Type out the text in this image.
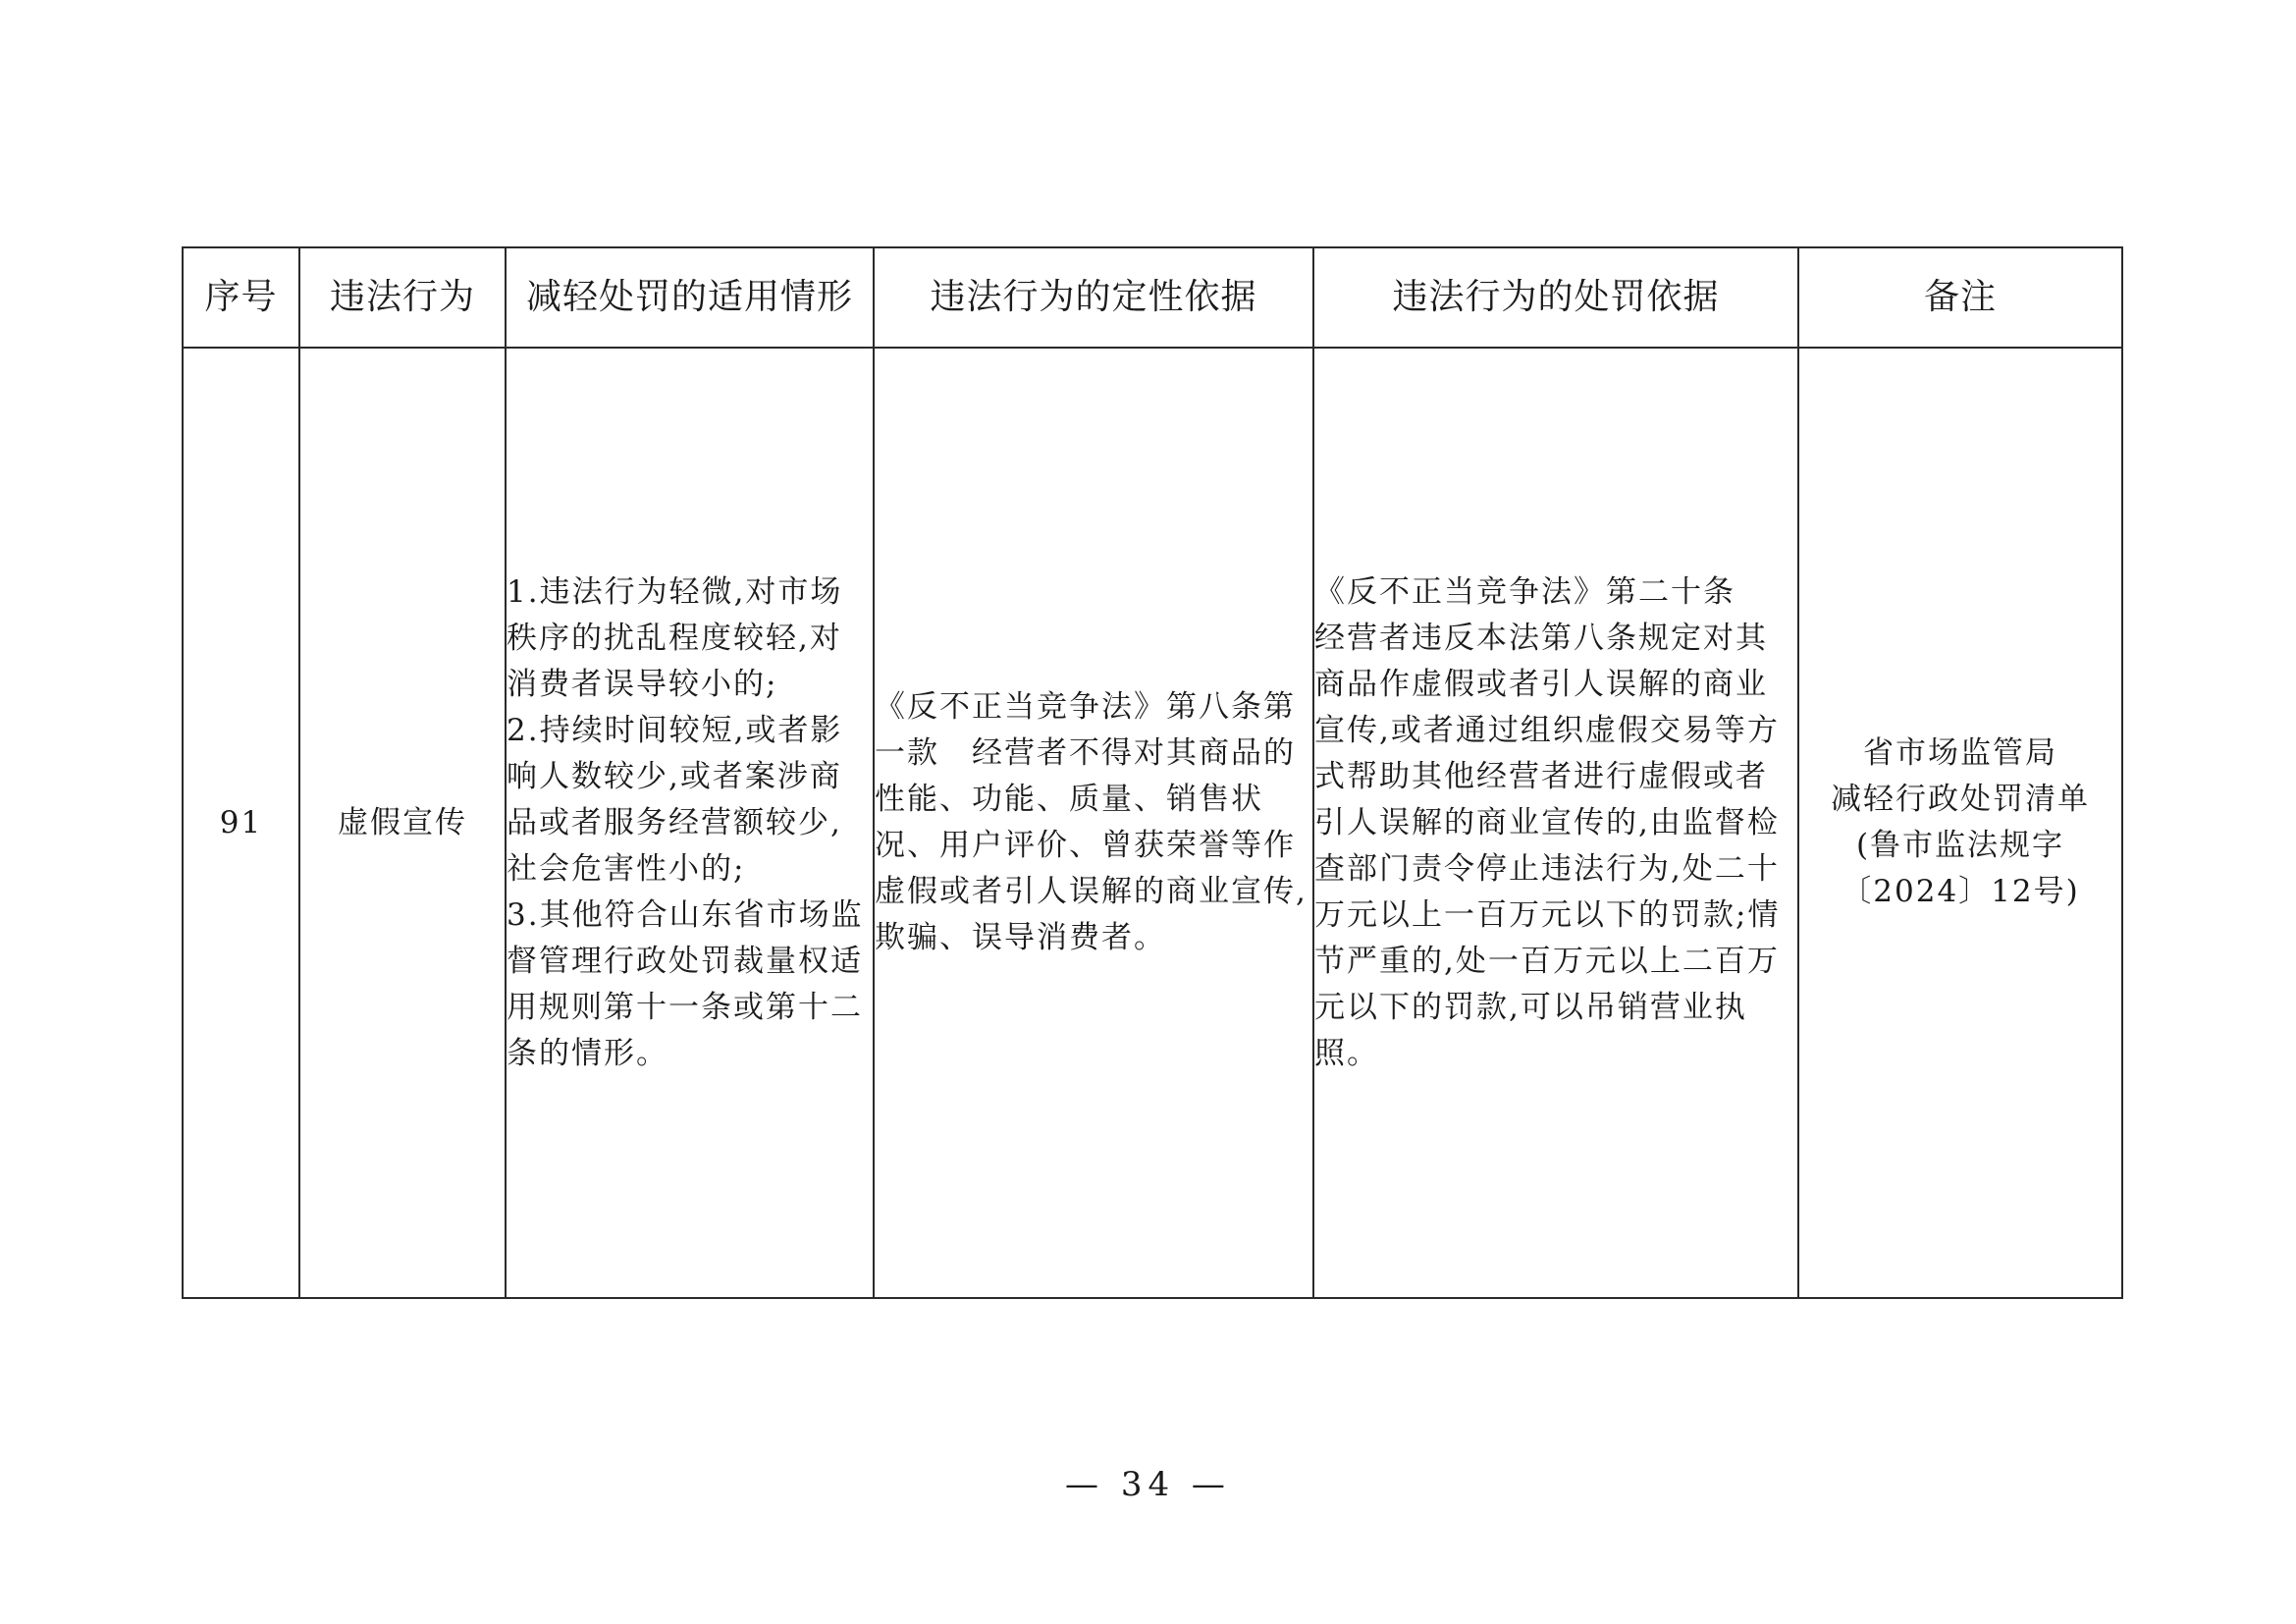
序号	违法行为	减轻处罚的适用情形	违法行为的定性依据	违法行为的处罚依据	备注
91	虚假宣传	1.违法行为轻微,对市场秩序的扰乱程度较轻,对消费者误导较小的;
2.持续时间较短,或者影响人数较少,或者案涉商品或者服务经营额较少,社会危害性小的;
3.其他符合山东省市场监督管理行政处罚裁量权适用规则第十一条或第十二条的情形。	《反不正当竞争法》第八条第一款　经营者不得对其商品的性能、功能、质量、销售状况、用户评价、曾获荣誉等作虚假或者引人误解的商业宣传,欺骗、误导消费者。	《反不正当竞争法》第二十条　经营者违反本法第八条规定对其商品作虚假或者引人误解的商业宣传,或者通过组织虚假交易等方式帮助其他经营者进行虚假或者引人误解的商业宣传的,由监督检查部门责令停止违法行为,处二十万元以上一百万元以下的罚款;情节严重的,处一百万元以上二百万元以下的罚款,可以吊销营业执照。	省市场监管局
减轻行政处罚清单
(鲁市监法规字
〔2024〕12号)
— 34 —
